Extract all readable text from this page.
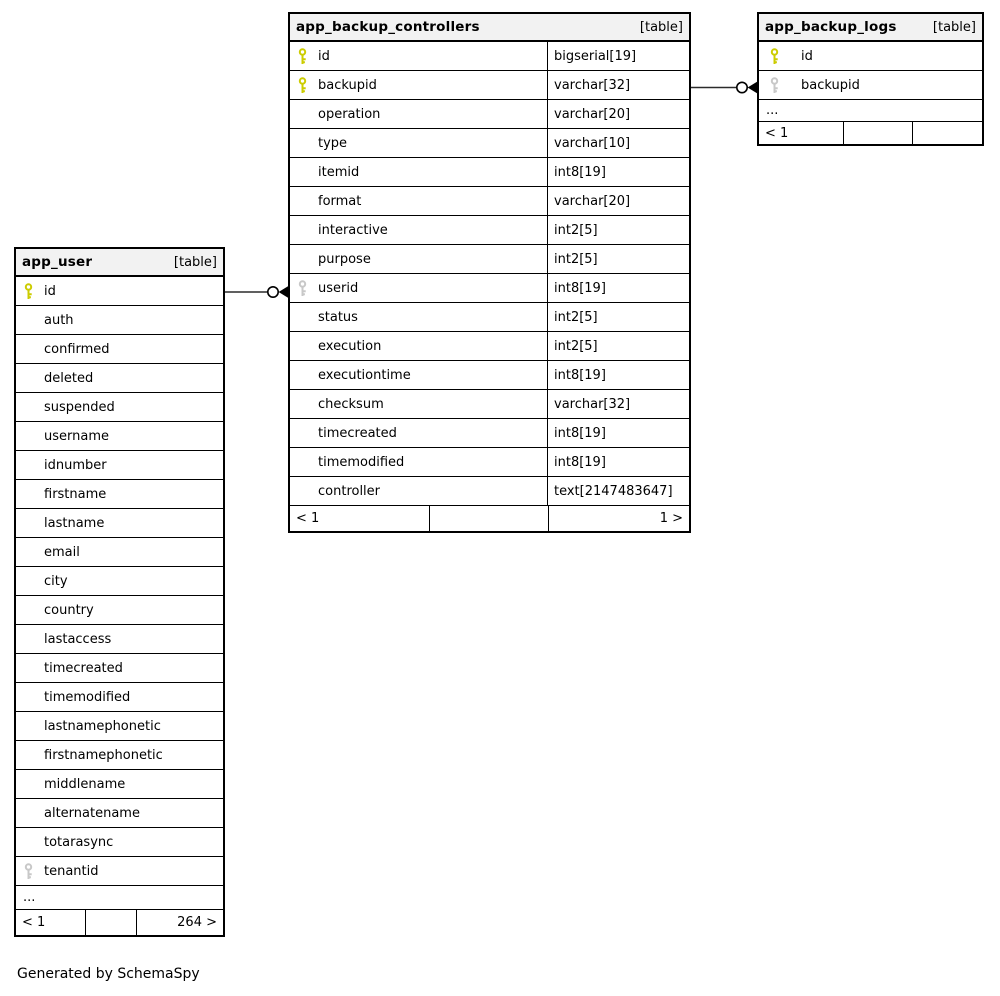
app_user	[table]
id
auth
confirmed
deleted
suspended
username
idnumber
firstname
lastname
email
city
country
lastaccess
timecreated
timemodified
lastnamephonetic
firstnamephonetic
middlename
alternatename
totarasync
tenantid
...
< 1	264 >
app_backup_controllers	[table]
id	bigserial[19]
backupid	varchar[32]
operation	varchar[20]
type	varchar[10]
itemid	int8[19]
format	varchar[20]
interactive	int2[5]
purpose	int2[5]
userid	int8[19]
status	int2[5]
execution	int2[5]
executiontime	int8[19]
checksum	varchar[32]
timecreated	int8[19]
timemodified	int8[19]
controller	text[2147483647]
< 1	1 >
app_backup_logs	[table]
id
backupid
...
< 1
Generated by SchemaSpy
